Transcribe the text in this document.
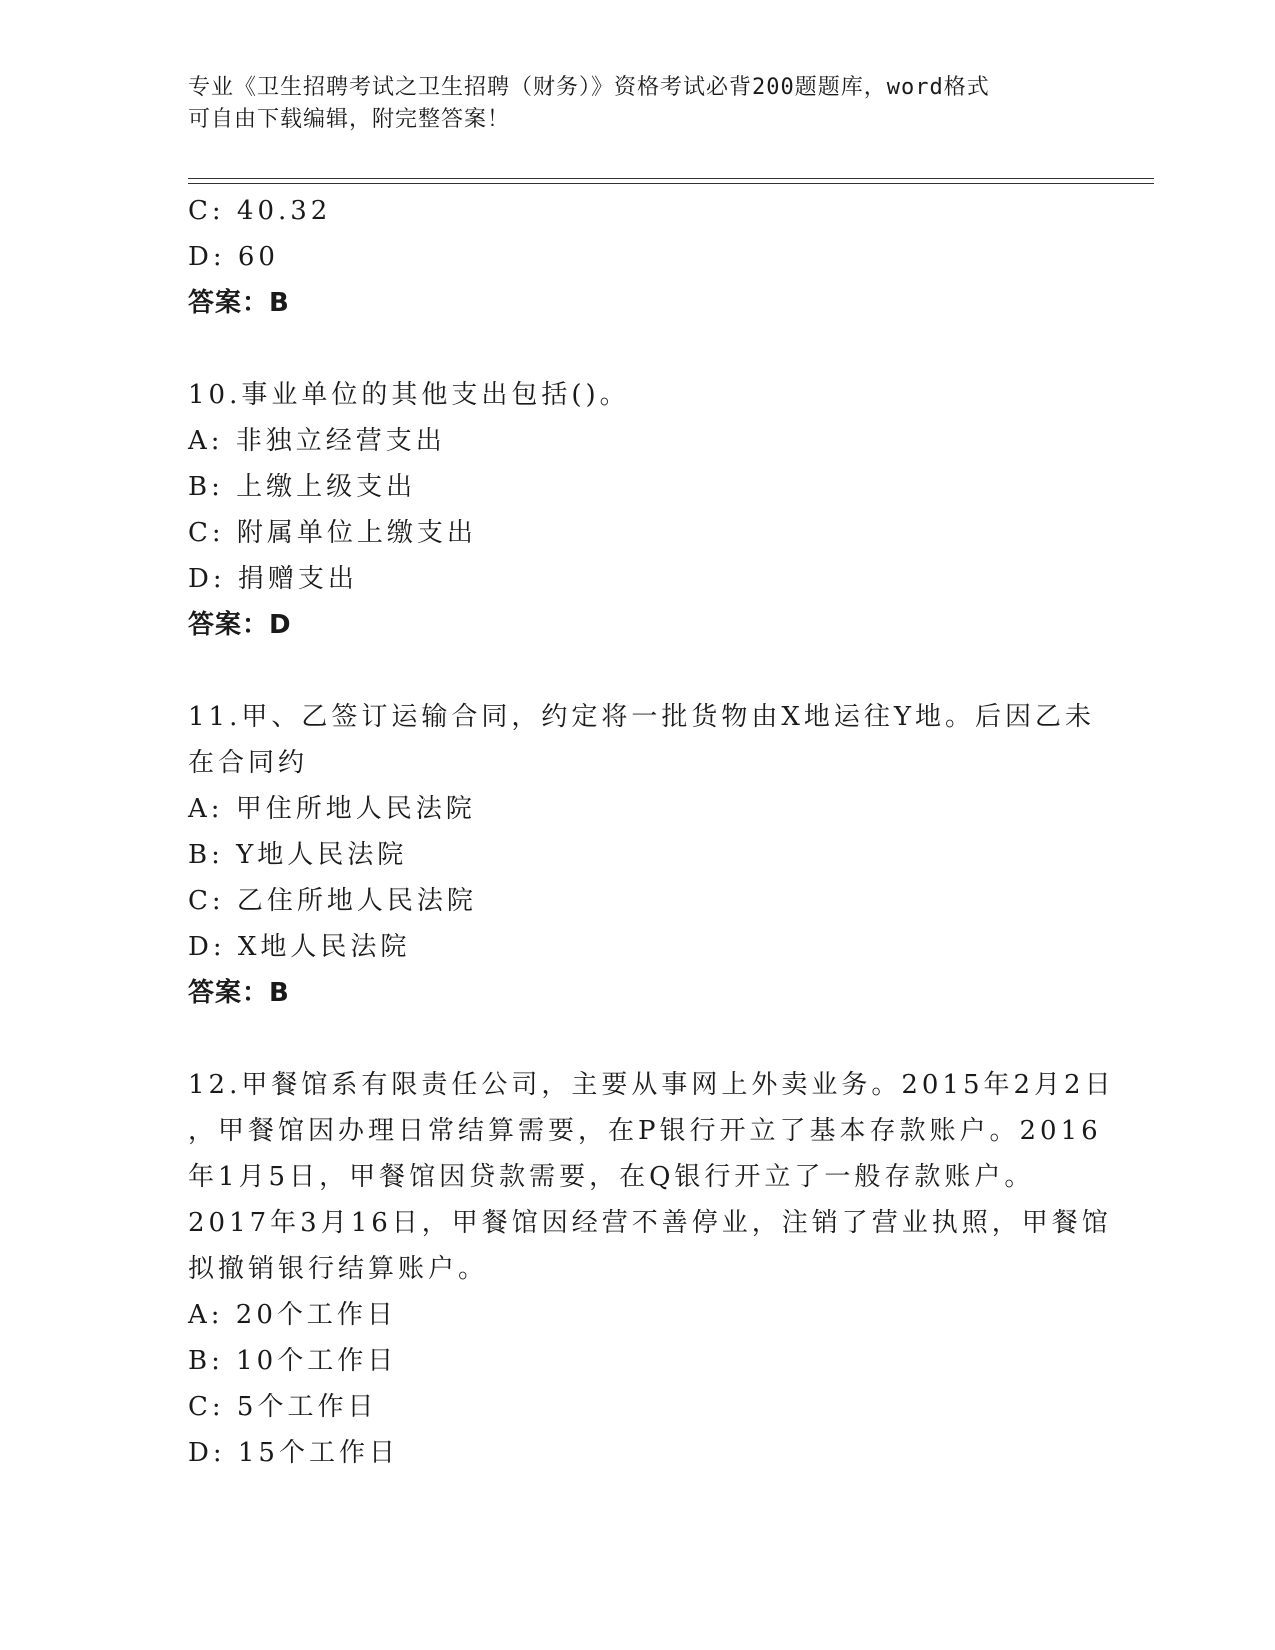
专业《卫生招聘考试之卫生招聘（财务）》资格考试必背200题题库，word格式
可自由下载编辑，附完整答案！
C: 40.32
D: 60
答案：B
10.事业单位的其他支出包括()。
A: 非独立经营支出
B: 上缴上级支出
C: 附属单位上缴支出
D: 捐赠支出
答案：D
11.甲、乙签订运输合同，约定将一批货物由X地运往Y地。后因乙未
在合同约
A: 甲住所地人民法院
B: Y地人民法院
C: 乙住所地人民法院
D: X地人民法院
答案：B
12.甲餐馆系有限责任公司，主要从事网上外卖业务。2015年2月2日
，甲餐馆因办理日常结算需要，在P银行开立了基本存款账户。2016
年1月5日，甲餐馆因贷款需要，在Q银行开立了一般存款账户。
2017年3月16日，甲餐馆因经营不善停业，注销了营业执照，甲餐馆
拟撤销银行结算账户。
A: 20个工作日
B: 10个工作日
C: 5个工作日
D: 15个工作日
